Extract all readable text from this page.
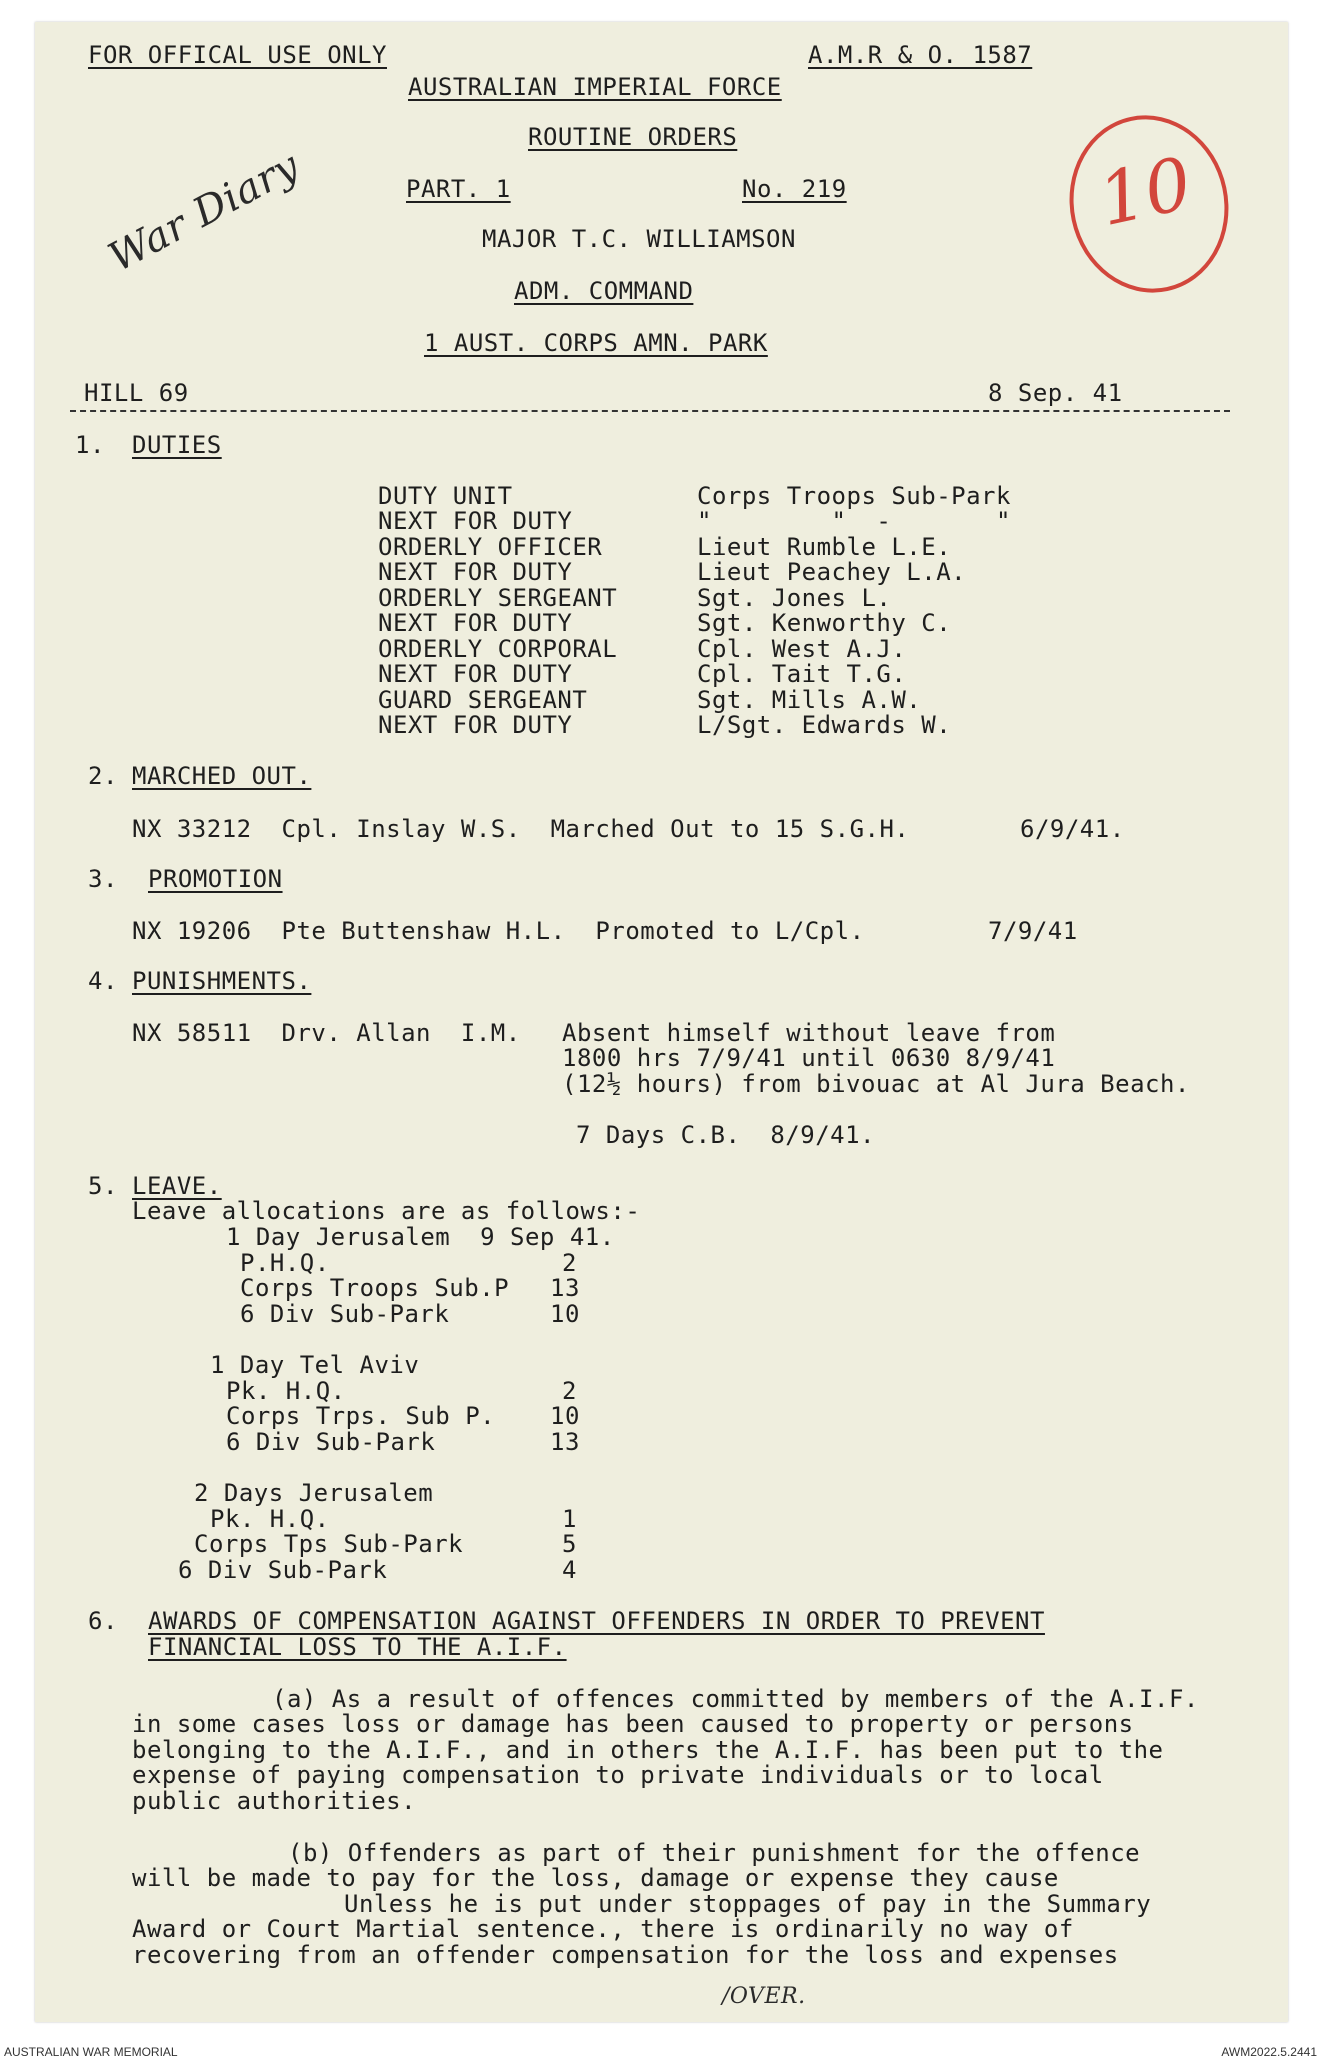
FOR OFFICAL USE ONLY	A.M.R & O. 1587
AUSTRALIAN IMPERIAL FORCE
ROUTINE ORDERS
PART. 1	No. 219
MAJOR T.C. WILLIAMSON
ADM. COMMAND
1 AUST. CORPS AMN. PARK
HILL 69	8 Sep. 41
War Diary	10
1. DUTIES
DUTY UNIT	Corps Troops Sub-Park
NEXT FOR DUTY	"        "  -       "
ORDERLY OFFICER	Lieut Rumble L.E.
NEXT FOR DUTY	Lieut Peachey L.A.
ORDERLY SERGEANT	Sgt. Jones L.
NEXT FOR DUTY	Sgt. Kenworthy C.
ORDERLY CORPORAL	Cpl. West A.J.
NEXT FOR DUTY	Cpl. Tait T.G.
GUARD SERGEANT	Sgt. Mills A.W.
NEXT FOR DUTY	L/Sgt. Edwards W.
2. MARCHED OUT.
NX 33212  Cpl. Inslay W.S.  Marched Out to 15 S.G.H.	6/9/41.
3. PROMOTION
NX 19206  Pte Buttenshaw H.L.  Promoted to L/Cpl.	7/9/41
4. PUNISHMENTS.
NX 58511  Drv. Allan  I.M. Absent himself without leave from
1800 hrs 7/9/41 until 0630 8/9/41
(12½ hours) from bivouac at Al Jura Beach.
7 Days C.B.  8/9/41.
5. LEAVE.
Leave allocations are as follows:-
1 Day Jerusalem  9 Sep 41.
P.H.Q.	2
Corps Troops Sub.P 13
6 Div Sub-Park	10
1 Day Tel Aviv
Pk. H.Q.	2
Corps Trps. Sub P. 10
6 Div Sub-Park	13
2 Days Jerusalem
Pk. H.Q.	1
Corps Tps Sub-Park	5
6 Div Sub-Park	4
6. AWARDS OF COMPENSATION AGAINST OFFENDERS IN ORDER TO PREVENT
FINANCIAL LOSS TO THE A.I.F.
(a) As a result of offences committed by members of the A.I.F.
in some cases loss or damage has been caused to property or persons
belonging to the A.I.F., and in others the A.I.F. has been put to the
expense of paying compensation to private individuals or to local
public authorities.
(b) Offenders as part of their punishment for the offence
will be made to pay for the loss, damage or expense they cause
Unless he is put under stoppages of pay in the Summary
Award or Court Martial sentence., there is ordinarily no way of
recovering from an offender compensation for the loss and expenses
/OVER.
AUSTRALIAN WAR MEMORIAL	AWM2022.5.2441
